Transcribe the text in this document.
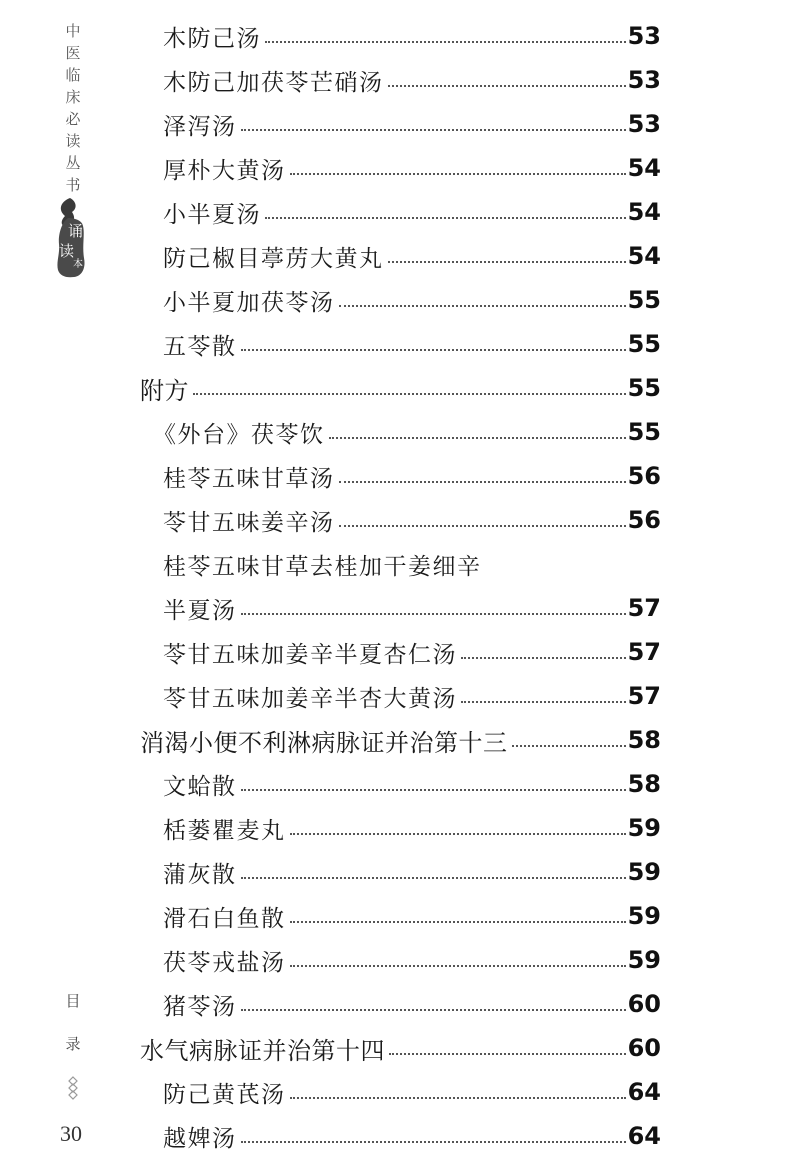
中
医
临
床
必
读
丛
书
诵
读
本
目
录
30
木防己汤	53
木防己加茯苓芒硝汤	53
泽泻汤	53
厚朴大黄汤	54
小半夏汤	54
防己椒目葶苈大黄丸	54
小半夏加茯苓汤	55
五苓散	55
附方	55
《外台》茯苓饮	55
桂苓五味甘草汤	56
苓甘五味姜辛汤	56
桂苓五味甘草去桂加干姜细辛
半夏汤	57
苓甘五味加姜辛半夏杏仁汤	57
苓甘五味加姜辛半杏大黄汤	57
消渴小便不利淋病脉证并治第十三	58
文蛤散	58
栝蒌瞿麦丸	59
蒲灰散	59
滑石白鱼散	59
茯苓戎盐汤	59
猪苓汤	60
水气病脉证并治第十四	60
防己黄芪汤	64
越婢汤	64
